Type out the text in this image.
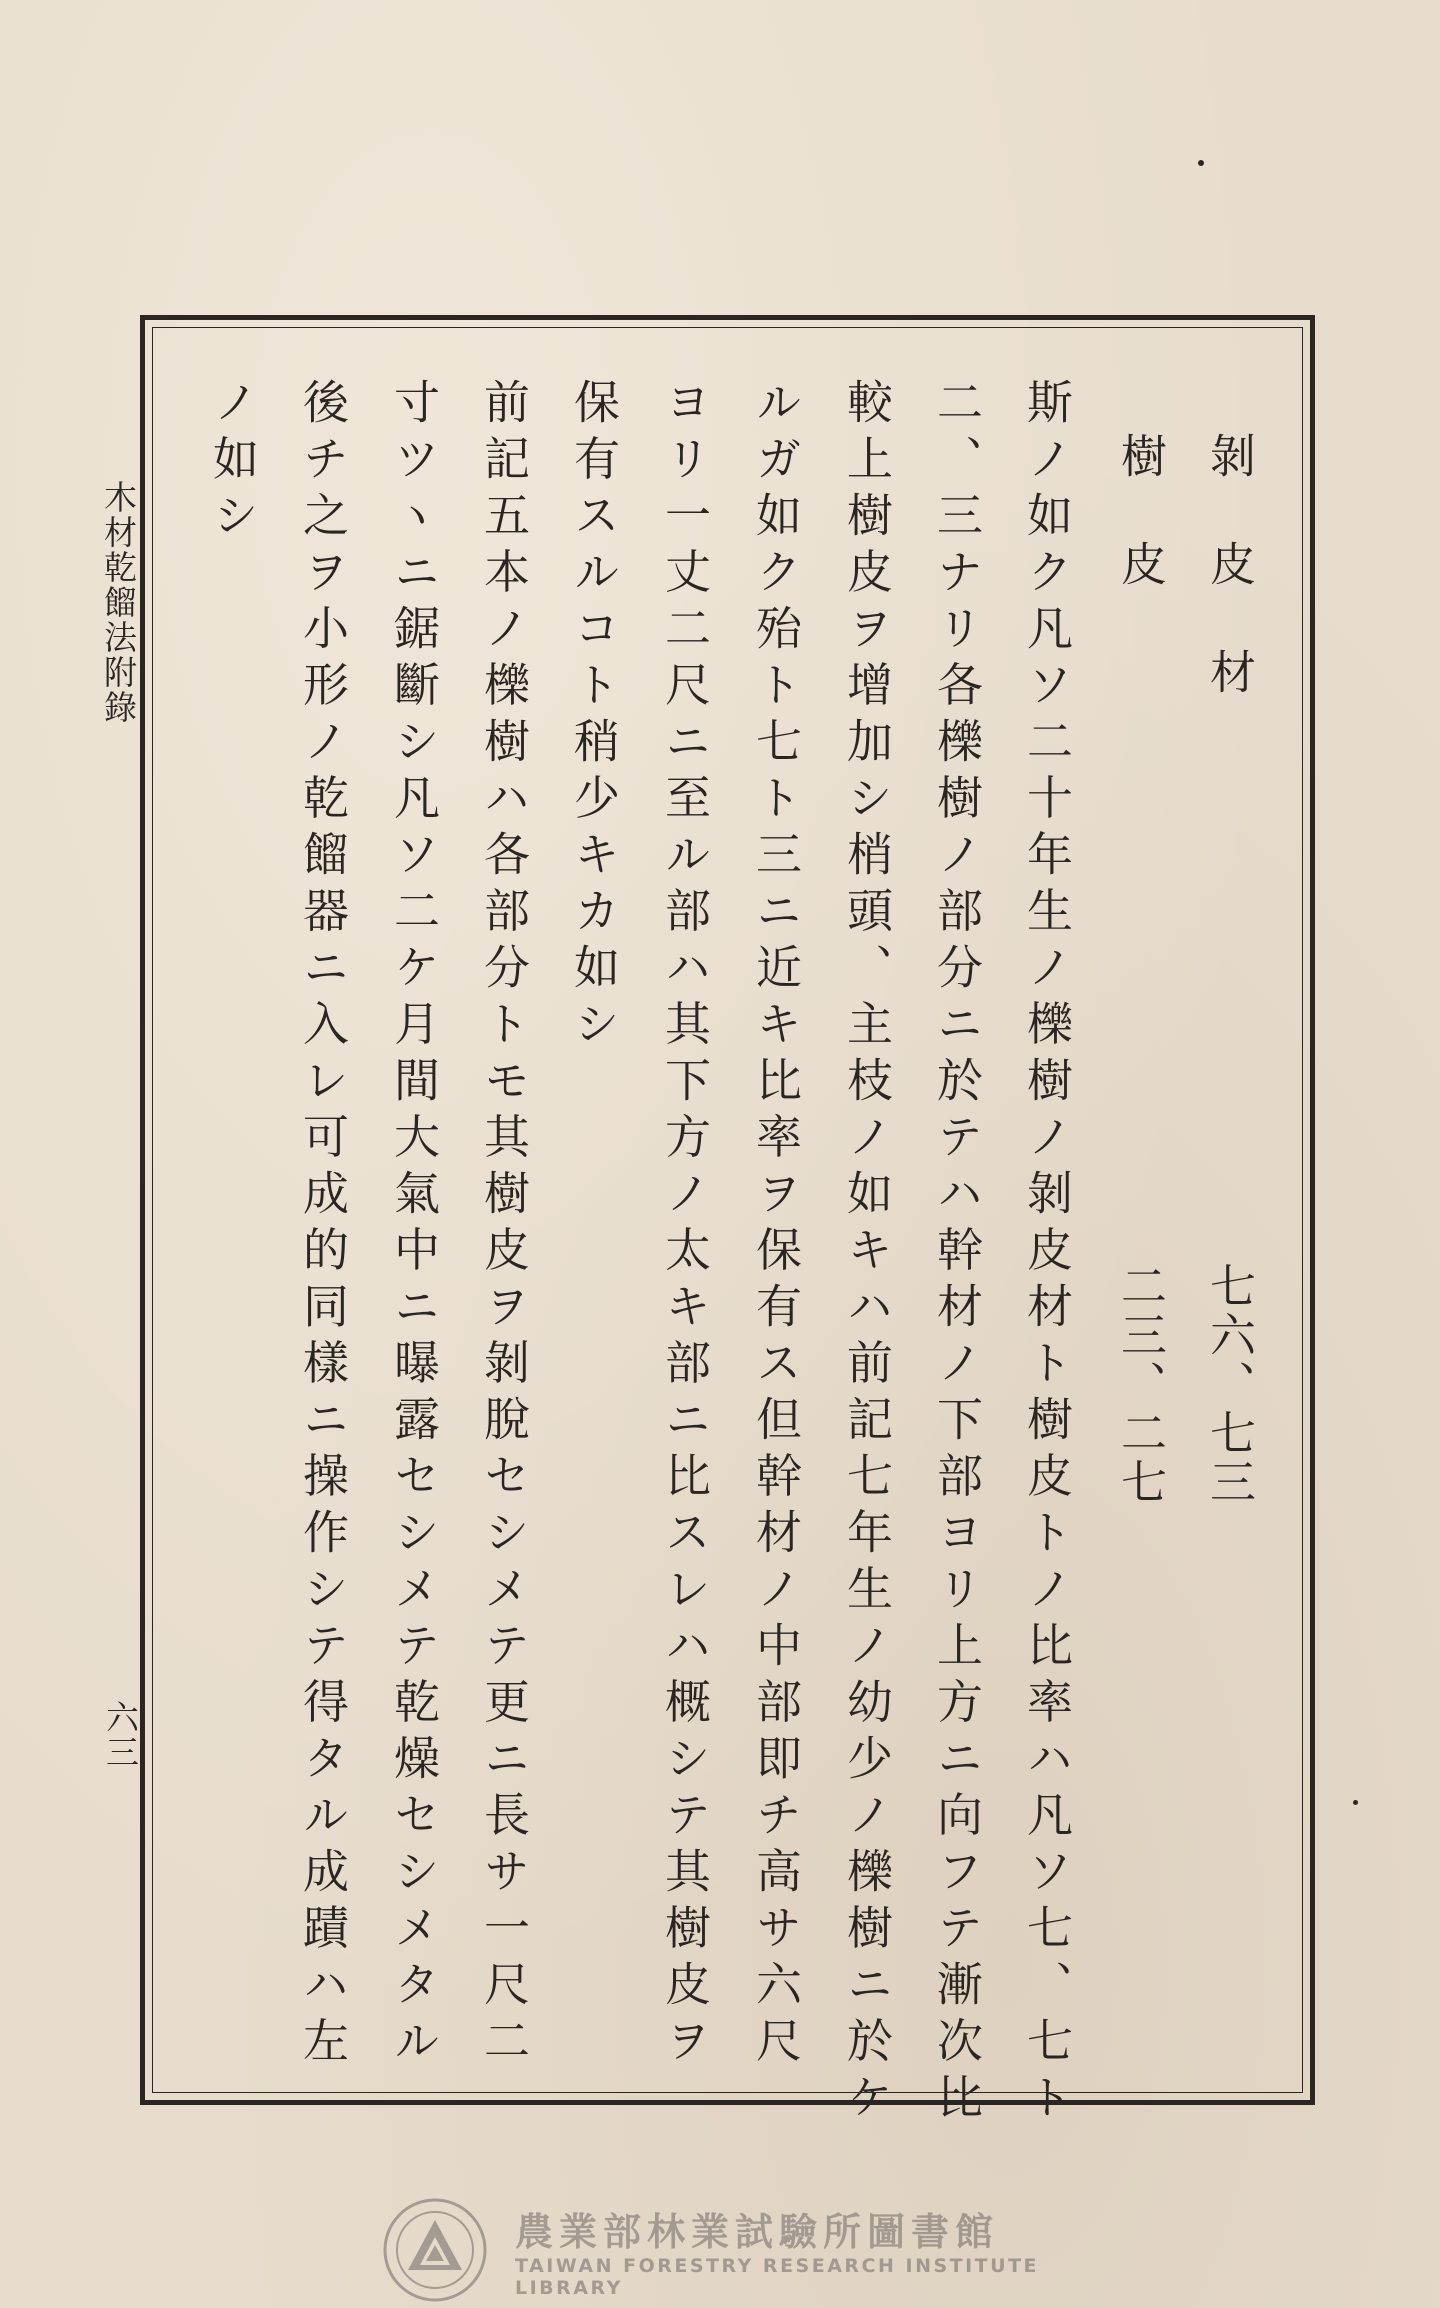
木材乾餾法附錄
六三
剝皮材
樹皮
七六、七三
二三、二七
斯ノ如ク凡ソ二十年生ノ櫟樹ノ剝皮材ト樹皮トノ比率ハ凡ソ七、七ト
二、三ナリ各櫟樹ノ部分ニ於テハ幹材ノ下部ヨリ上方ニ向フテ漸次比
較上樹皮ヲ增加シ梢頭、主枝ノ如キハ前記七年生ノ幼少ノ櫟樹ニ於ケ
ルガ如ク殆ト七ト三ニ近キ比率ヲ保有ス但幹材ノ中部即チ高サ六尺
ヨリ一丈二尺ニ至ル部ハ其下方ノ太キ部ニ比スレハ概シテ其樹皮ヲ
保有スルコト稍少キカ如シ
前記五本ノ櫟樹ハ各部分トモ其樹皮ヲ剝脫セシメテ更ニ長サ一尺二
寸ツヽニ鋸斷シ凡ソ二ケ月間大氣中ニ曝露セシメテ乾燥セシメタル
後チ之ヲ小形ノ乾餾器ニ入レ可成的同樣ニ操作シテ得タル成蹟ハ左
ノ如シ
農業部林業試驗所圖書館
TAIWAN FORESTRY RESEARCH INSTITUTE LIBRARY
